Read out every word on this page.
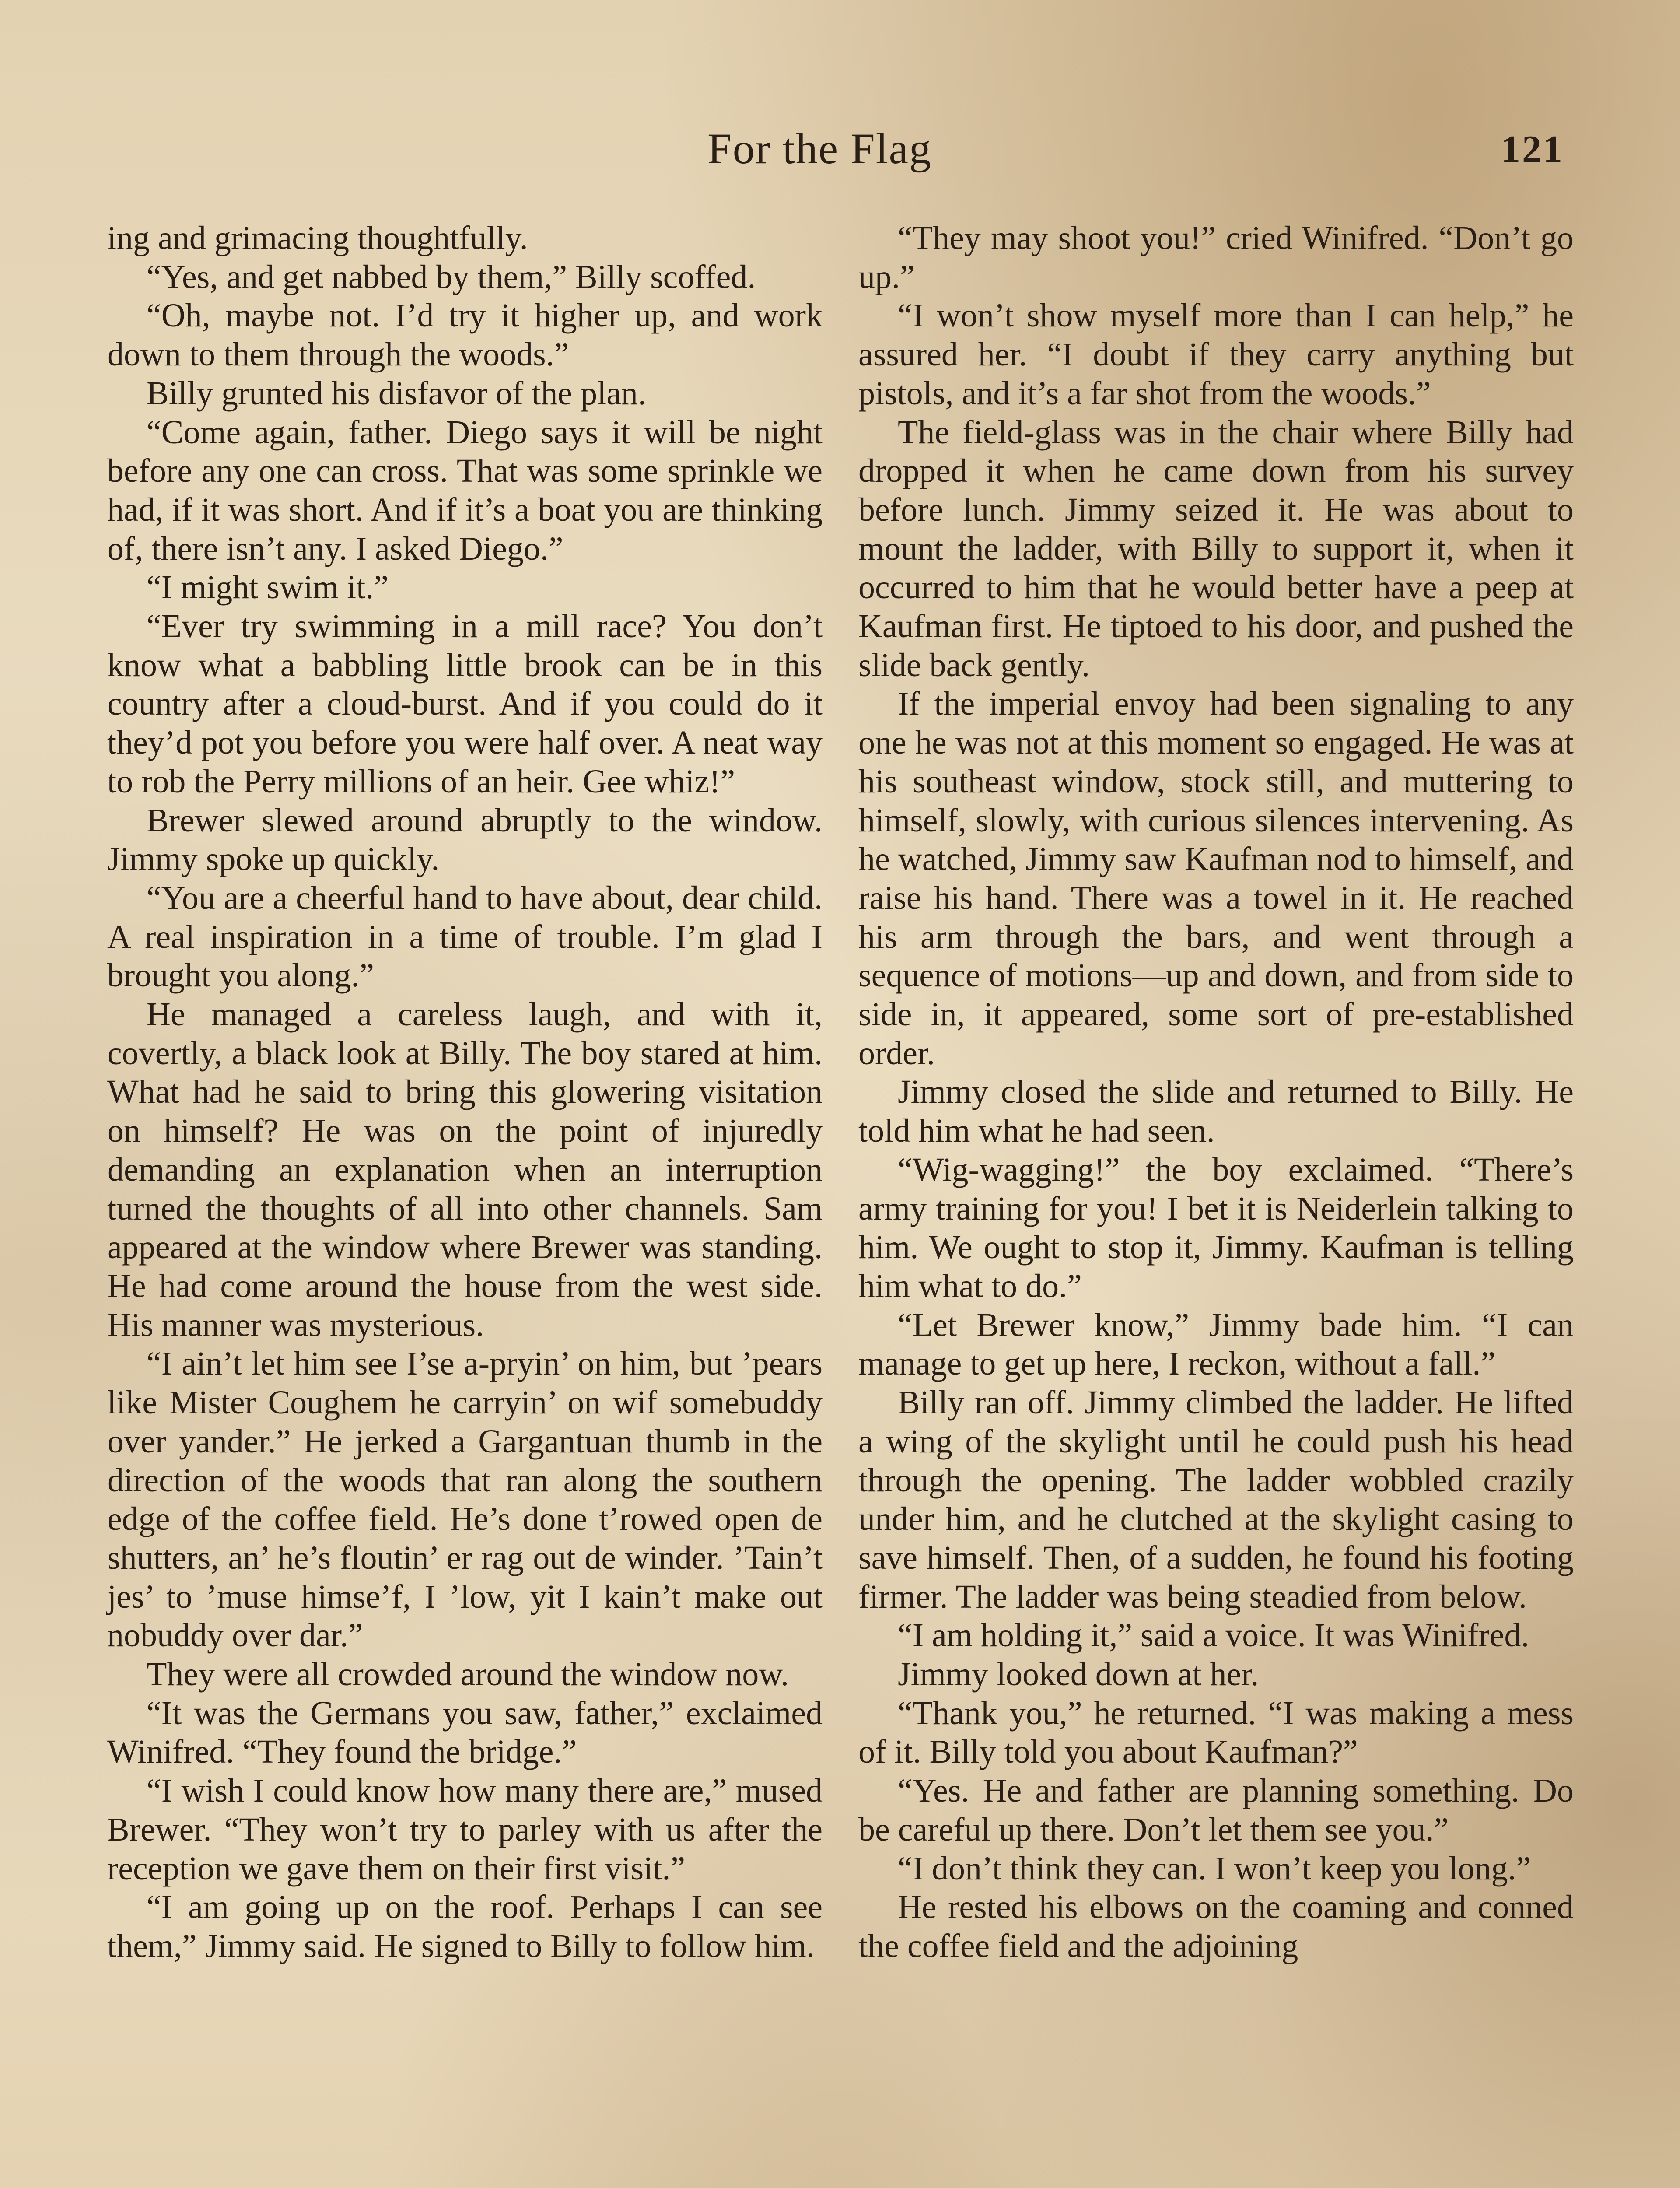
For the Flag	121

ing and grimacing thoughtfully.

“Yes, and get nabbed by them,” Billy scoffed.

“Oh, maybe not. I’d try it higher up, and work down to them through the woods.”

Billy grunted his disfavor of the plan.

“Come again, father. Diego says it will be night before any one can cross. That was some sprinkle we had, if it was short. And if it’s a boat you are thinking of, there isn’t any. I asked Diego.”

“I might swim it.”

“Ever try swimming in a mill race? You don’t know what a babbling little brook can be in this country after a cloud-burst. And if you could do it they’d pot you before you were half over. A neat way to rob the Perry millions of an heir. Gee whiz!”

Brewer slewed around abruptly to the window. Jimmy spoke up quickly.

“You are a cheerful hand to have about, dear child. A real inspiration in a time of trouble. I’m glad I brought you along.”

He managed a careless laugh, and with it, covertly, a black look at Billy. The boy stared at him. What had he said to bring this glowering visitation on himself? He was on the point of injuredly demanding an explanation when an interruption turned the thoughts of all into other channels. Sam appeared at the window where Brewer was standing. He had come around the house from the west side. His manner was mysterious.

“I ain’t let him see I’se a-pryin’ on him, but ’pears like Mister Coughem he carryin’ on wif somebuddy over yander.” He jerked a Gargantuan thumb in the direction of the woods that ran along the southern edge of the coffee field. He’s done t’rowed open de shutters, an’ he’s floutin’ er rag out de winder. ’Tain’t jes’ to ’muse himse’f, I ’low, yit I kain’t make out nobuddy over dar.”

They were all crowded around the window now.

“It was the Germans you saw, father,” exclaimed Winifred. “They found the bridge.”

“I wish I could know how many there are,” mused Brewer. “They won’t try to parley with us after the reception we gave them on their first visit.”

“I am going up on the roof. Perhaps I can see them,” Jimmy said. He signed to Billy to follow him.

“They may shoot you!” cried Winifred. “Don’t go up.”

“I won’t show myself more than I can help,” he assured her. “I doubt if they carry anything but pistols, and it’s a far shot from the woods.”

The field-glass was in the chair where Billy had dropped it when he came down from his survey before lunch. Jimmy seized it. He was about to mount the ladder, with Billy to support it, when it occurred to him that he would better have a peep at Kaufman first. He tiptoed to his door, and pushed the slide back gently.

If the imperial envoy had been signaling to any one he was not at this moment so engaged. He was at his southeast window, stock still, and muttering to himself, slowly, with curious silences intervening. As he watched, Jimmy saw Kaufman nod to himself, and raise his hand. There was a towel in it. He reached his arm through the bars, and went through a sequence of motions—up and down, and from side to side in, it appeared, some sort of pre-established order.

Jimmy closed the slide and returned to Billy. He told him what he had seen.

“Wig-wagging!” the boy exclaimed. “There’s army training for you! I bet it is Neiderlein talking to him. We ought to stop it, Jimmy. Kaufman is telling him what to do.”

“Let Brewer know,” Jimmy bade him. “I can manage to get up here, I reckon, without a fall.”

Billy ran off. Jimmy climbed the ladder. He lifted a wing of the skylight until he could push his head through the opening. The ladder wobbled crazily under him, and he clutched at the skylight casing to save himself. Then, of a sudden, he found his footing firmer. The ladder was being steadied from below.

“I am holding it,” said a voice. It was Winifred.

Jimmy looked down at her.

“Thank you,” he returned. “I was making a mess of it. Billy told you about Kaufman?”

“Yes. He and father are planning something. Do be careful up there. Don’t let them see you.”

“I don’t think they can. I won’t keep you long.”

He rested his elbows on the coaming and conned the coffee field and the adjoining
